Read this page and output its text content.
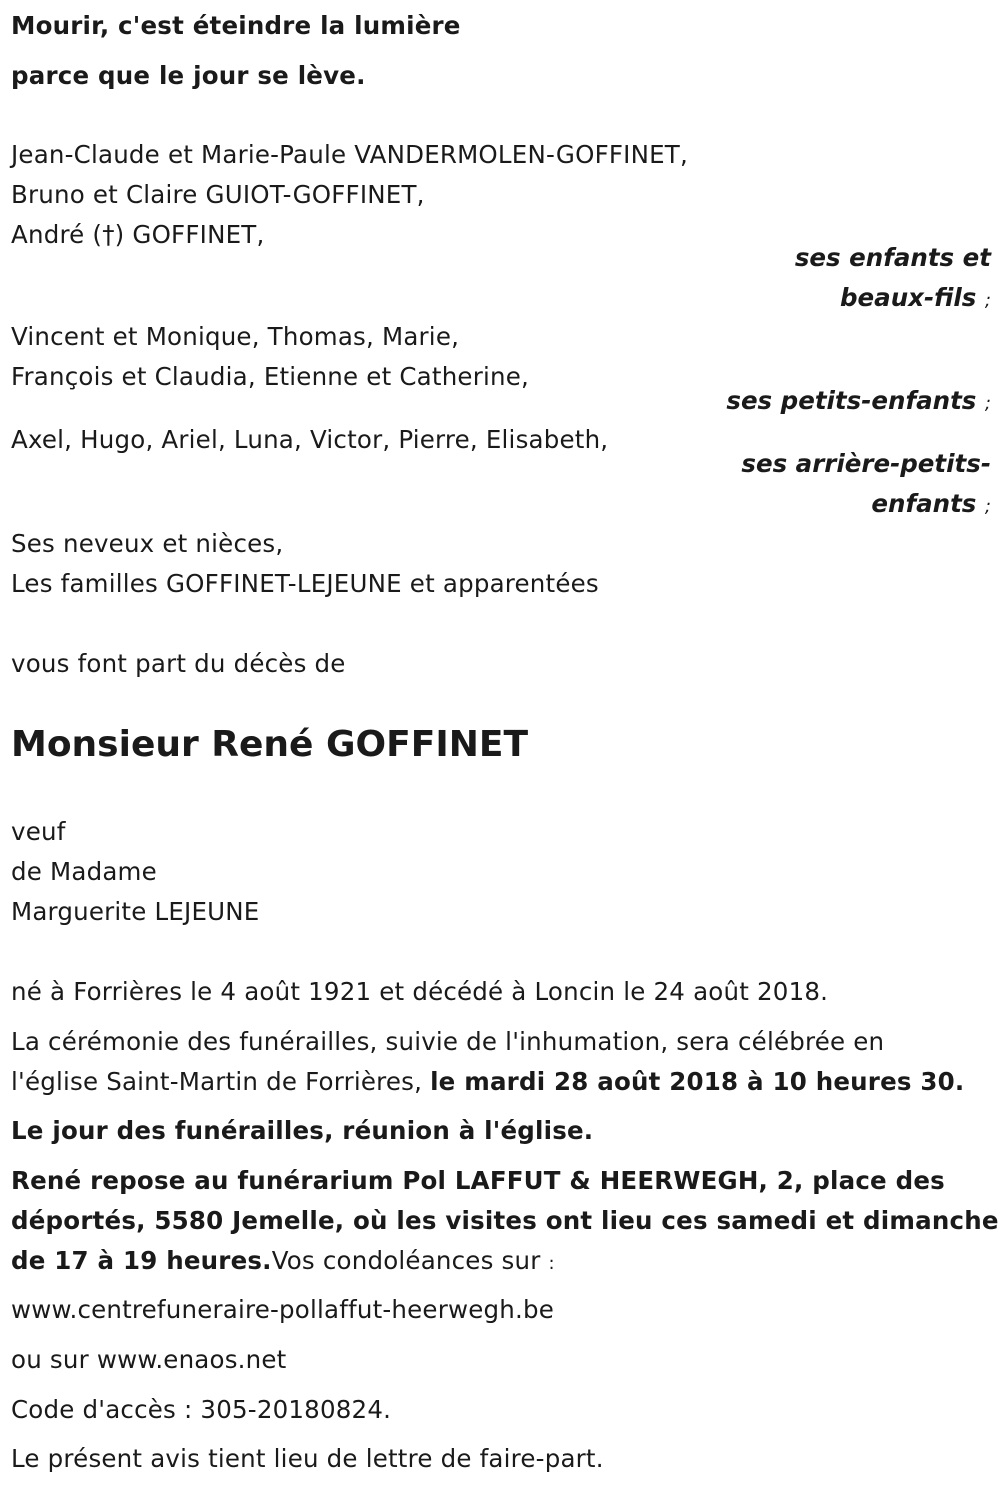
Mourir, c'est éteindre la lumière
parce que le jour se lève.
Jean-Claude et Marie-Paule VANDERMOLEN-GOFFINET,
Bruno et Claire GUIOT-GOFFINET,
André (†) GOFFINET,
ses enfants et
beaux-fils ;
Vincent et Monique, Thomas, Marie,
François et Claudia, Etienne et Catherine,
ses petits-enfants ;
Axel, Hugo, Ariel, Luna, Victor, Pierre, Elisabeth,
ses arrière-petits-
enfants ;
Ses neveux et nièces,
Les familles GOFFINET-LEJEUNE et apparentées
vous font part du décès de
Monsieur René GOFFINET
veuf
de Madame
Marguerite LEJEUNE
né à Forrières le 4 août 1921 et décédé à Loncin le 24 août 2018.
La cérémonie des funérailles, suivie de l'inhumation, sera célébrée en
l'église Saint-Martin de Forrières, le mardi 28 août 2018 à 10 heures 30.
Le jour des funérailles, réunion à l'église.
René repose au funérarium Pol LAFFUT & HEERWEGH, 2, place des
déportés, 5580 Jemelle, où les visites ont lieu ces samedi et dimanche
de 17 à 19 heures.Vos condoléances sur :
www.centrefuneraire-pollaffut-heerwegh.be
ou sur www.enaos.net
Code d'accès : 305-20180824.
Le présent avis tient lieu de lettre de faire-part.
